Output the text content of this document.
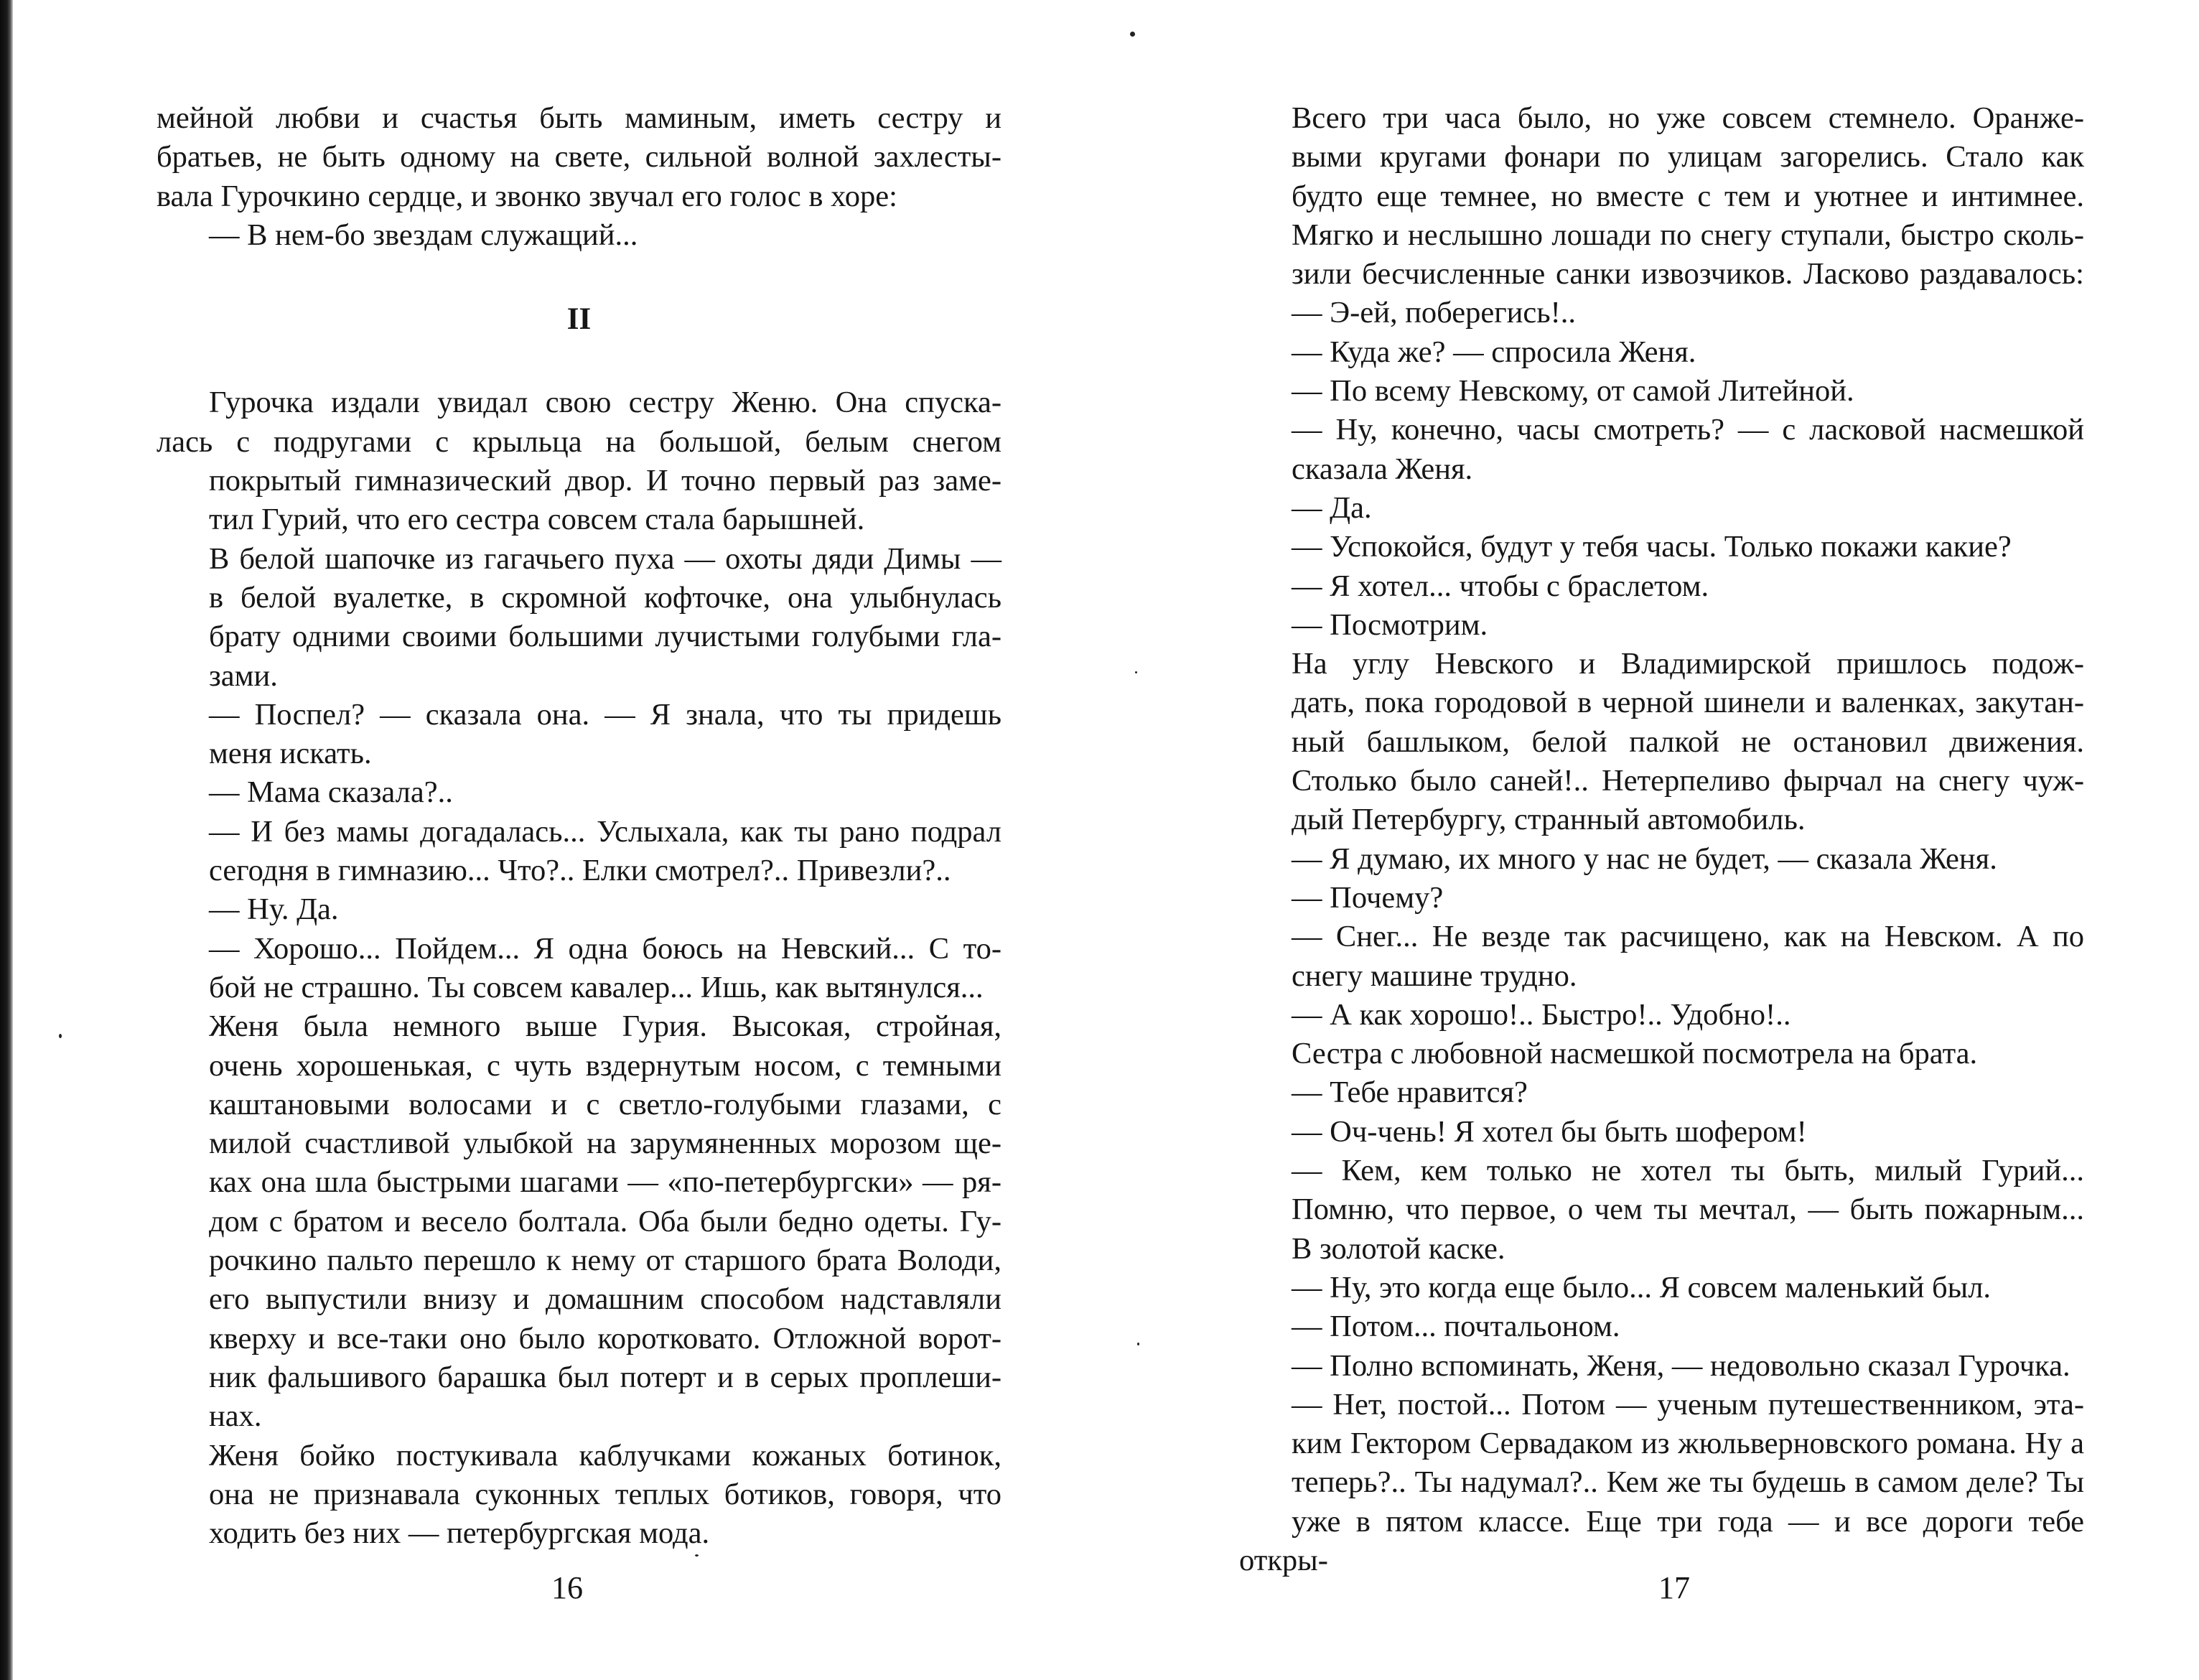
мейной любви и счастья быть маминым, иметь сестру и
братьев, не быть одному на свете, сильной волной захлесты-
вала Гурочкино сердце, и звонко звучал его голос в хоре:

— В нем-бо звездам служащий...

II

Гурочка издали увидал свою сестру Женю. Она спуска-
лась с подругами с крыльца на большой, белым снегом
покрытый гимназический двор. И точно первый раз заме-
тил Гурий, что его сестра совсем стала барышней.

В белой шапочке из гагачьего пуха — охоты дяди Димы —
в белой вуалетке, в скромной кофточке, она улыбнулась
брату одними своими большими лучистыми голубыми гла-
зами.

— Поспел? — сказала она. — Я знала, что ты придешь
меня искать.

— Мама сказала?..

— И без мамы догадалась... Услыхала, как ты рано подрал
сегодня в гимназию... Что?.. Елки смотрел?.. Привезли?..

— Ну. Да.

— Хорошо... Пойдем... Я одна боюсь на Невский... С то-
бой не страшно. Ты совсем кавалер... Ишь, как вытянулся...

Женя была немного выше Гурия. Высокая, стройная,
очень хорошенькая, с чуть вздернутым носом, с темными
каштановыми волосами и с светло-голубыми глазами, с
милой счастливой улыбкой на зарумяненных морозом ще-
ках она шла быстрыми шагами — «по-петербургски» — ря-
дом с братом и весело болтала. Оба были бедно одеты. Гу-
рочкино пальто перешло к нему от старшого брата Володи,
его выпустили внизу и домашним способом надставляли
кверху и все-таки оно было коротковато. Отложной ворот-
ник фальшивого барашка был потерт и в серых проплеши-
нах.

Женя бойко постукивала каблучками кожаных ботинок,
она не признавала суконных теплых ботиков, говоря, что
ходить без них — петербургская мода.

16

Всего три часа было, но уже совсем стемнело. Оранже-
выми кругами фонари по улицам загорелись. Стало как
будто еще темнее, но вместе с тем и уютнее и интимнее.
Мягко и неслышно лошади по снегу ступали, быстро сколь-
зили бесчисленные санки извозчиков. Ласково раздавалось:

— Э-ей, поберегись!..

— Куда же? — спросила Женя.

— По всему Невскому, от самой Литейной.

— Ну, конечно, часы смотреть? — с ласковой насмешкой
сказала Женя.

— Да.

— Успокойся, будут у тебя часы. Только покажи какие?

— Я хотел... чтобы с браслетом.

— Посмотрим.

На углу Невского и Владимирской пришлось подож-
дать, пока городовой в черной шинели и валенках, закутан-
ный башлыком, белой палкой не остановил движения.
Столько было саней!.. Нетерпеливо фырчал на снегу чуж-
дый Петербургу, странный автомобиль.

— Я думаю, их много у нас не будет, — сказала Женя.

— Почему?

— Снег... Не везде так расчищено, как на Невском. А по
снегу машине трудно.

— А как хорошо!.. Быстро!.. Удобно!..

Сестра с любовной насмешкой посмотрела на брата.

— Тебе нравится?

— Оч-чень! Я хотел бы быть шофером!

— Кем, кем только не хотел ты быть, милый Гурий...
Помню, что первое, о чем ты мечтал, — быть пожарным...
В золотой каске.

— Ну, это когда еще было... Я совсем маленький был.

— Потом... почтальоном.

— Полно вспоминать, Женя, — недовольно сказал Гурочка.

— Нет, постой... Потом — ученым путешественником, эта-
ким Гектором Сервадаком из жюльверновского романа. Ну а
теперь?.. Ты надумал?.. Кем же ты будешь в самом деле? Ты
уже в пятом классе. Еще три года — и все дороги тебе откры-

17
